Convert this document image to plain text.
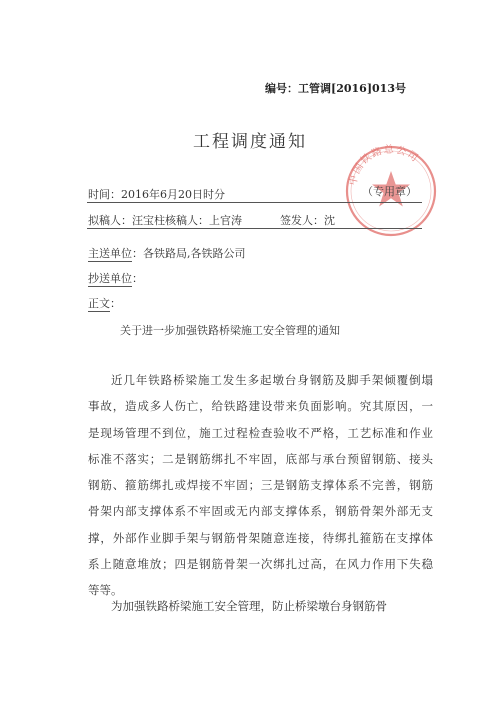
编号：工管调[2016]013号
工程调度通知
中国铁路总公司
（专用章）
时间：2016年6月20日时分
拟稿人：汪宝柱核稿人：上官涛	签发人：沈
主送单位：各铁路局,各铁路公司
抄送单位：
正文：
关于进一步加强铁路桥梁施工安全管理的通知
近几年铁路桥梁施工发生多起墩台身钢筋及脚手架倾覆倒塌
事故，造成多人伤亡，给铁路建设带来负面影响。究其原因，一
是现场管理不到位，施工过程检查验收不严格，工艺标准和作业
标准不落实；二是钢筋绑扎不牢固，底部与承台预留钢筋、接头
钢筋、箍筋绑扎或焊接不牢固；三是钢筋支撑体系不完善，钢筋
骨架内部支撑体系不牢固或无内部支撑体系，钢筋骨架外部无支
撑，外部作业脚手架与钢筋骨架随意连接，待绑扎箍筋在支撑体
系上随意堆放；四是钢筋骨架一次绑扎过高，在风力作用下失稳
等等。
为加强铁路桥梁施工安全管理，防止桥梁墩台身钢筋骨
